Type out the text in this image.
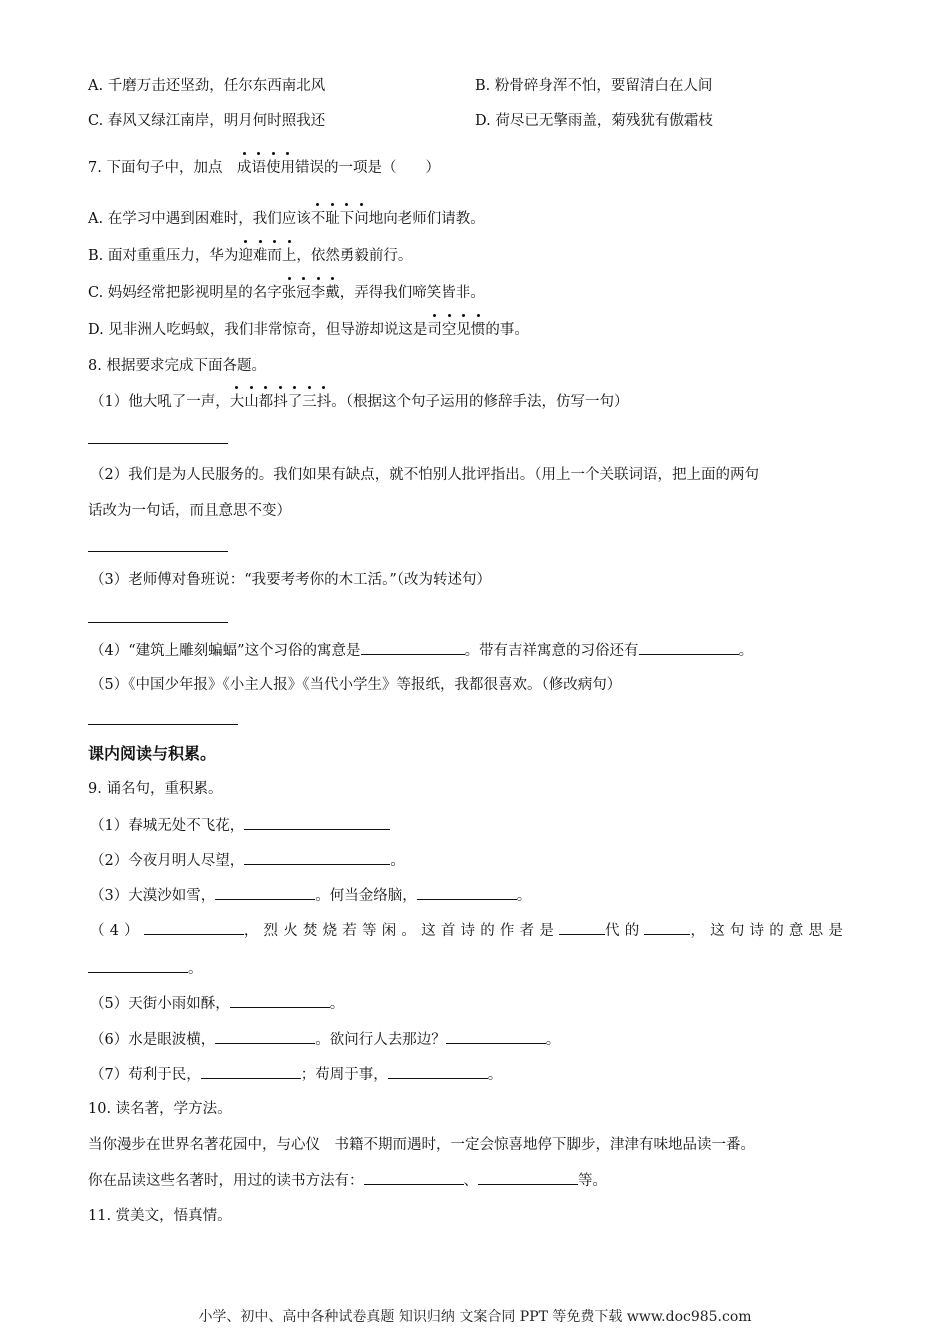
A. 千磨万击还坚劲，任尔东西南北风	B. 粉骨碎身浑不怕，要留清白在人间
C. 春风又绿江南岸，明月何时照我还	D. 荷尽已无擎雨盖，菊残犹有傲霜枝
7. 下面句子中，加点　 成语使用错误的一项是（　　）
A. 在学习中遇到困难时，我们应该不耻下问地向老师们请教。
B. 面对重重压力，华为迎难而上，依然勇毅前行。
C. 妈妈经常把影视明星的名字张冠李戴，弄得我们啼笑皆非。
D. 见非洲人吃蚂蚁，我们非常惊奇，但导游却说这是司空见惯的事。
8. 根据要求完成下面各题。
（1）他大吼了一声，大山都抖了三抖。（根据这个句子运用的修辞手法，仿写一句）
（2）我们是为人民服务的。我们如果有缺点，就不怕别人批评指出。（用上一个关联词语，把上面的两句
话改为一句话，而且意思不变）
（3）老师傅对鲁班说：“我要考考你的木工活。”（改为转述句）
（4）“建筑上雕刻蝙蝠”这个习俗的寓意是	。带有吉祥寓意的习俗还有	。
（5）《中国少年报》《小主人报》《当代小学生》等报纸，我都很喜欢。（修改病句）
课内阅读与积累。
9. 诵名句，重积累。
（1）春城无处不飞花，
（2）今夜月明人尽望，	。
（3）大漠沙如雪，	。何当金络脑，	。
（4）	，烈火焚烧若等闲。这首诗的作者是	代的	，这句诗的意思是
。
（5）天街小雨如酥，	。
（6）水是眼波横，	。欲问行人去那边？	。
（7）苟利于民，	；苟周于事，	。
10. 读名著，学方法。
当你漫步在世界名著花园中，与心仪　书籍不期而遇时，一定会惊喜地停下脚步，津津有味地品读一番。
你在品读这些名著时，用过的读书方法有：	、	等。
11. 赏美文，悟真情。
小学、初中、高中各种试卷真题 知识归纳 文案合同 PPT 等免费下载 www.doc985.com
